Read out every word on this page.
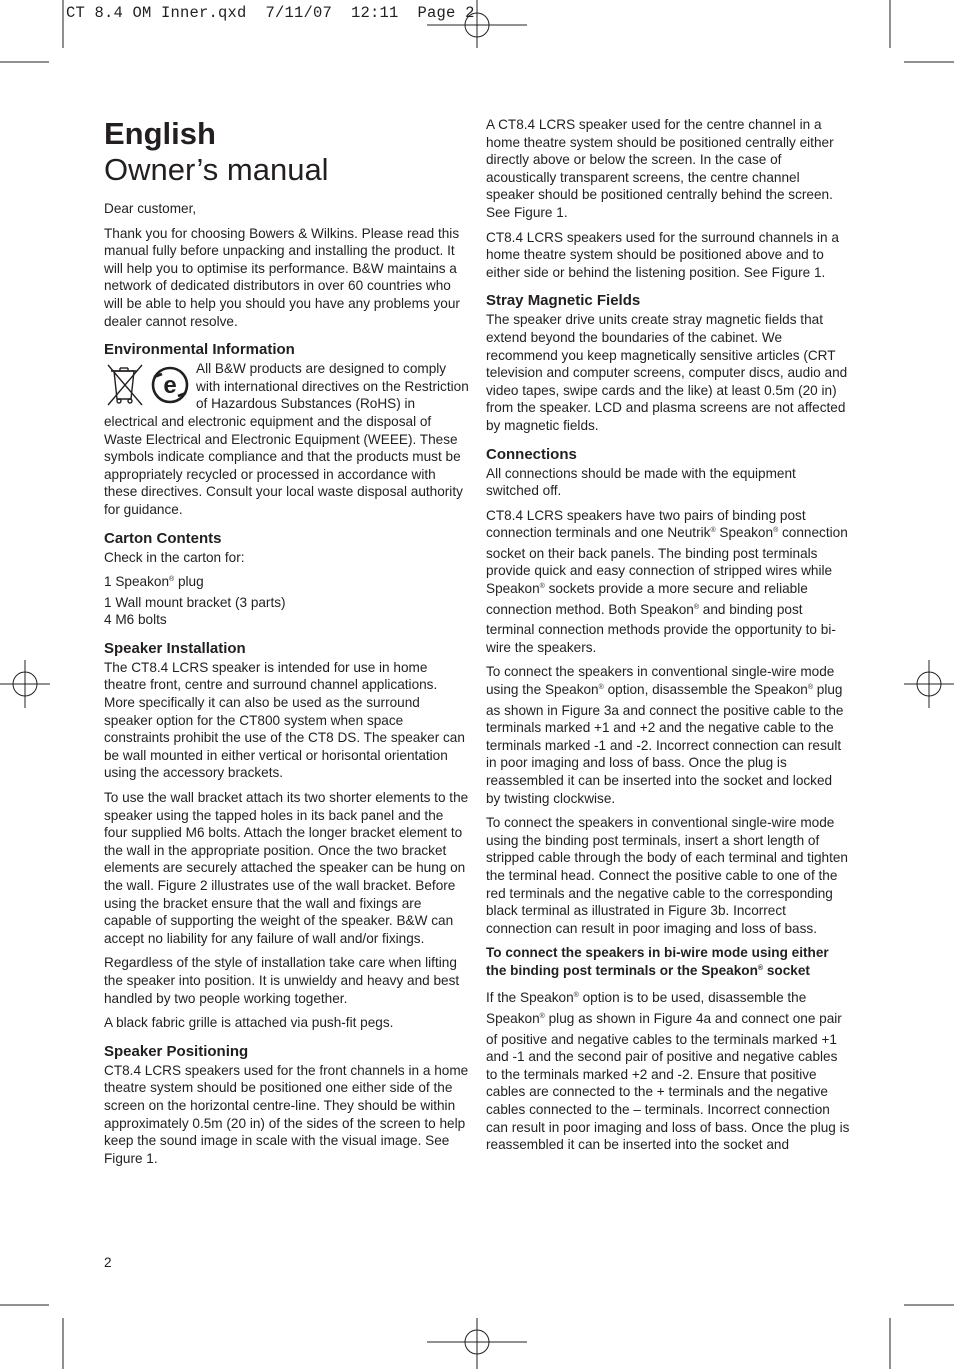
CT 8.4 OM Inner.qxd  7/11/07  12:11  Page 2
English
Owner’s manual

Dear customer,

Thank you for choosing Bowers & Wilkins. Please read this manual fully before unpacking and installing the product. It will help you to optimise its performance. B&W maintains a network of dedicated distributors in over 60 countries who will be able to help you should you have any problems your dealer cannot resolve.

Environmental Information
e

All B&W products are designed to comply with international directives on the Restriction of Hazardous Substances (RoHS) in electrical and electronic equipment and the disposal of Waste Electrical and Electronic Equipment (WEEE). These symbols indicate compliance and that the products must be appropriately recycled or processed in accordance with these directives. Consult your local waste disposal authority for guidance.

Carton Contents

Check in the carton for:

1 Speakon® plug
1 Wall mount bracket (3 parts)
4 M6 bolts

Speaker Installation

The CT8.4 LCRS speaker is intended for use in home theatre front, centre and surround channel applications. More specifically it can also be used as the surround speaker option for the CT800 system when space constraints prohibit the use of the CT8 DS. The speaker can be wall mounted in either vertical or horisontal orientation using the accessory brackets.

To use the wall bracket attach its two shorter elements to the speaker using the tapped holes in its back panel and the four supplied M6 bolts. Attach the longer bracket element to the wall in the appropriate position. Once the two bracket elements are securely attached the speaker can be hung on the wall. Figure 2 illustrates use of the wall bracket. Before using the bracket ensure that the wall and fixings are capable of supporting the weight of the speaker. B&W can accept no liability for any failure of wall and/or fixings.

Regardless of the style of installation take care when lifting the speaker into position. It is unwieldy and heavy and best handled by two people working together.

A black fabric grille is attached via push-fit pegs.

Speaker Positioning

CT8.4 LCRS speakers used for the front channels in a home theatre system should be positioned one either side of the screen on the horizontal centre-line. They should be within approximately 0.5m (20 in) of the sides of the screen to help keep the sound image in scale with the visual image. See Figure 1.

A CT8.4 LCRS speaker used for the centre channel in a home theatre system should be positioned centrally either directly above or below the screen. In the case of acoustically transparent screens, the centre channel speaker should be positioned centrally behind the screen. See Figure 1.

CT8.4 LCRS speakers used for the surround channels in a home theatre system should be positioned above and to either side or behind the listening position. See Figure 1.

Stray Magnetic Fields

The speaker drive units create stray magnetic fields that extend beyond the boundaries of the cabinet. We recommend you keep magnetically sensitive articles (CRT television and computer screens, computer discs, audio and video tapes, swipe cards and the like) at least 0.5m (20 in) from the speaker. LCD and plasma screens are not affected by magnetic fields.

Connections

All connections should be made with the equipment switched off.

CT8.4 LCRS speakers have two pairs of binding post connection terminals and one Neutrik® Speakon® connection socket on their back panels. The binding post terminals provide quick and easy connection of stripped wires while Speakon® sockets provide a more secure and reliable connection method. Both Speakon® and binding post terminal connection methods provide the opportunity to bi-wire the speakers.

To connect the speakers in conventional single-wire mode using the Speakon® option, disassemble the Speakon® plug as shown in Figure 3a and connect the positive cable to the terminals marked +1 and +2 and the negative cable to the terminals marked -1 and -2. Incorrect connection can result in poor imaging and loss of bass. Once the plug is reassembled it can be inserted into the socket and locked by twisting clockwise.

To connect the speakers in conventional single-wire mode using the binding post terminals, insert a short length of stripped cable through the body of each terminal and tighten the terminal head. Connect the positive cable to one of the red terminals and the negative cable to the corresponding black terminal as illustrated in Figure 3b. Incorrect connection can result in poor imaging and loss of bass.

To connect the speakers in bi-wire mode using either the binding post terminals or the Speakon® socket

If the Speakon® option is to be used, disassemble the Speakon® plug as shown in Figure 4a and connect one pair of positive and negative cables to the terminals marked +1 and -1 and the second pair of positive and negative cables to the terminals marked +2 and -2. Ensure that positive cables are connected to the + terminals and the negative cables connected to the – terminals. Incorrect connection can result in poor imaging and loss of bass. Once the plug is reassembled it can be inserted into the socket and

2
